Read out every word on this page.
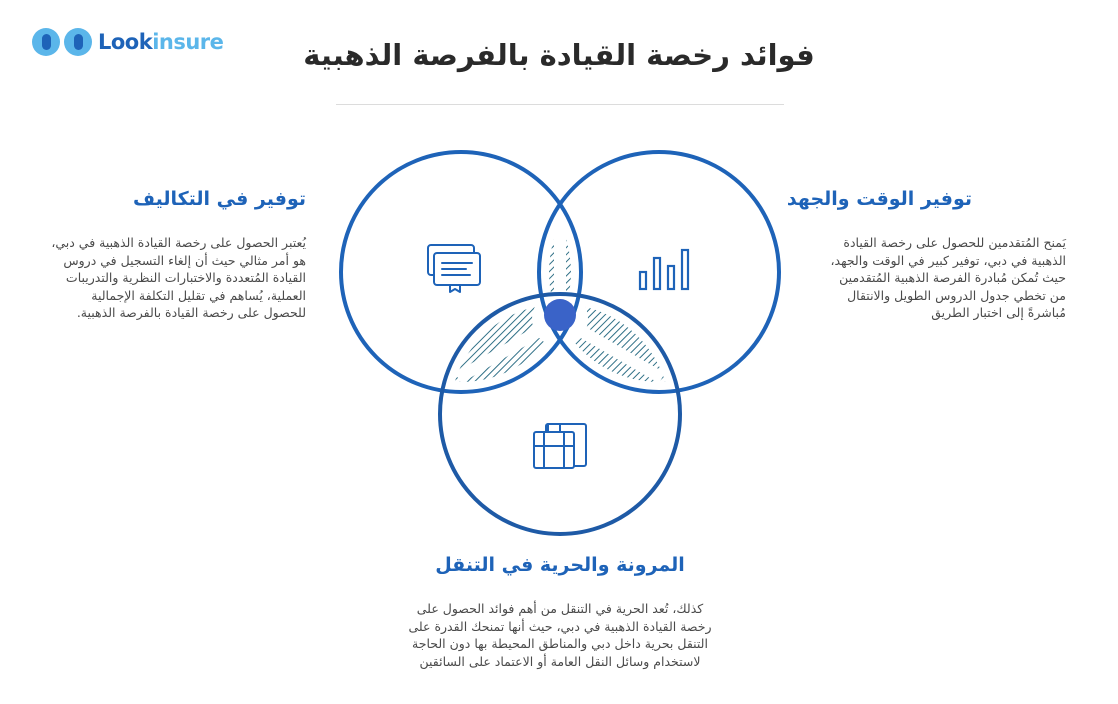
Lookinsure	فوائد رخصة القيادة بالفرصة الذهبية
توفير الوقت والجهد
يَمنح المُتقدمين للحصول على رخصة القيادة
الذهبية في دبي، توفير كبير في الوقت والجهد،
حيث تُمكن مُبادرة الفرصة الذهبية المُتقدمين
من تخطي جدول الدروس الطويل والانتقال
مُباشرةً إلى اختبار الطريق
توفير في التكاليف
يُعتبر الحصول على رخصة القيادة الذهبية في دبي،
هو أمر مثالي حيث أن إلغاء التسجيل في دروس
القيادة المُتعددة والاختبارات النظرية والتدريبات
العملية، يُساهم في تقليل التكلفة الإجمالية
للحصول على رخصة القيادة بالفرصة الذهبية.
المرونة والحرية في التنقل
كذلك، تُعد الحرية في التنقل من أهم فوائد الحصول على
رخصة القيادة الذهبية في دبي، حيث أنها تمنحك القدرة على
التنقل بحرية داخل دبي والمناطق المحيطة بها دون الحاجة
لاستخدام وسائل النقل العامة أو الاعتماد على السائقين
